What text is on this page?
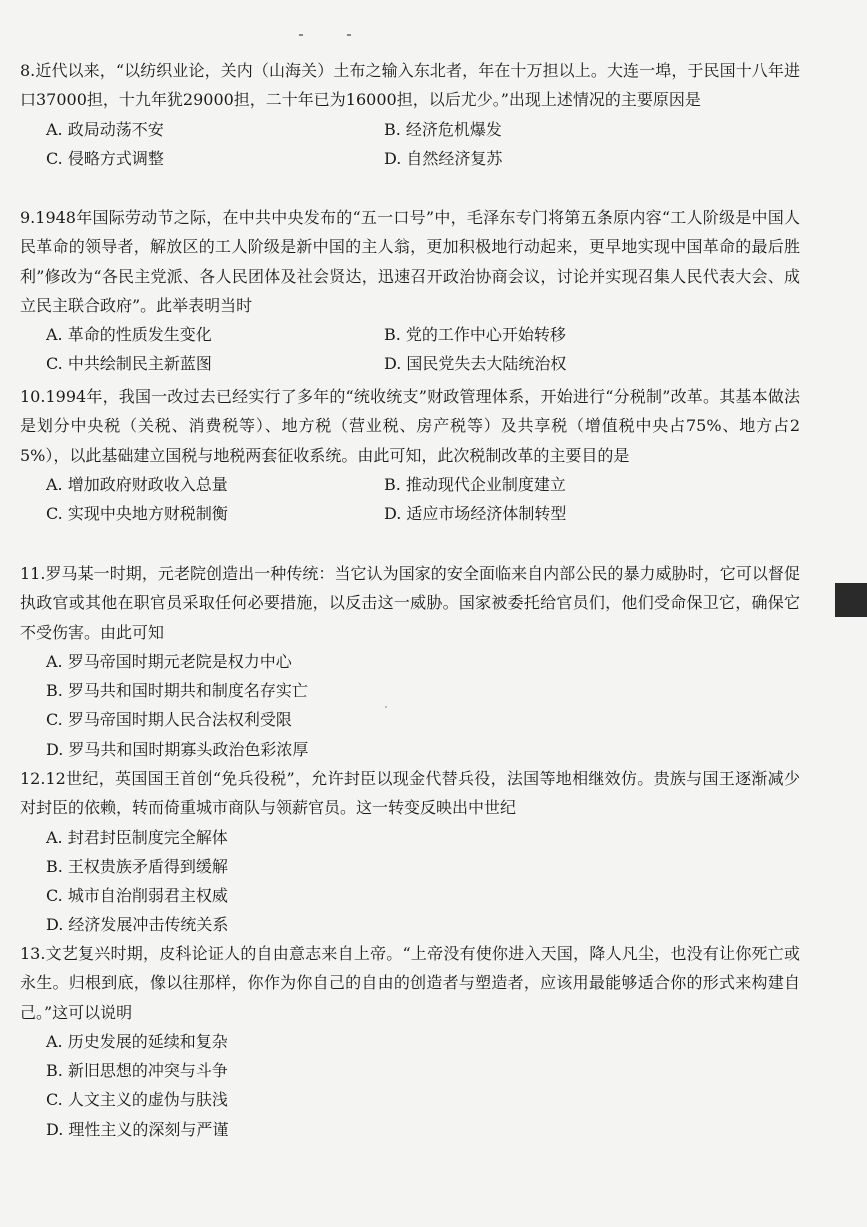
8.近代以来，“以纺织业论，关内（山海关）土布之输入东北者，年在十万担以上。大连一埠，于民国十八年进口37000担，十九年犹29000担，二十年已为16000担，以后尤少。”出现上述情况的主要原因是
A. 政局动荡不安	B. 经济危机爆发
C. 侵略方式调整	D. 自然经济复苏
9.1948年国际劳动节之际，在中共中央发布的“五一口号”中，毛泽东专门将第五条原内容“工人阶级是中国人民革命的领导者，解放区的工人阶级是新中国的主人翁，更加积极地行动起来，更早地实现中国革命的最后胜利”修改为“各民主党派、各人民团体及社会贤达，迅速召开政治协商会议，讨论并实现召集人民代表大会、成立民主联合政府”。此举表明当时
A. 革命的性质发生变化	B. 党的工作中心开始转移
C. 中共绘制民主新蓝图	D. 国民党失去大陆统治权
10.1994年，我国一改过去已经实行了多年的“统收统支”财政管理体系，开始进行“分税制”改革。其基本做法是划分中央税（关税、消费税等）、地方税（营业税、房产税等）及共享税（增值税中央占75%、地方占25%），以此基础建立国税与地税两套征收系统。由此可知，此次税制改革的主要目的是
A. 增加政府财政收入总量	B. 推动现代企业制度建立
C. 实现中央地方财税制衡	D. 适应市场经济体制转型
11.罗马某一时期，元老院创造出一种传统：当它认为国家的安全面临来自内部公民的暴力威胁时，它可以督促执政官或其他在职官员采取任何必要措施，以反击这一威胁。国家被委托给官员们，他们受命保卫它，确保它不受伤害。由此可知
A. 罗马帝国时期元老院是权力中心
B. 罗马共和国时期共和制度名存实亡
C. 罗马帝国时期人民合法权利受限
D. 罗马共和国时期寡头政治色彩浓厚
12.12世纪，英国国王首创“免兵役税”，允许封臣以现金代替兵役，法国等地相继效仿。贵族与国王逐渐减少对封臣的依赖，转而倚重城市商队与领薪官员。这一转变反映出中世纪
A. 封君封臣制度完全解体
B. 王权贵族矛盾得到缓解
C. 城市自治削弱君主权威
D. 经济发展冲击传统关系
13.文艺复兴时期，皮科论证人的自由意志来自上帝。“上帝没有使你进入天国，降人凡尘，也没有让你死亡或永生。归根到底，像以往那样，你作为你自己的自由的创造者与塑造者，应该用最能够适合你的形式来构建自己。”这可以说明
A. 历史发展的延续和复杂
B. 新旧思想的冲突与斗争
C. 人文主义的虚伪与肤浅
D. 理性主义的深刻与严谨
